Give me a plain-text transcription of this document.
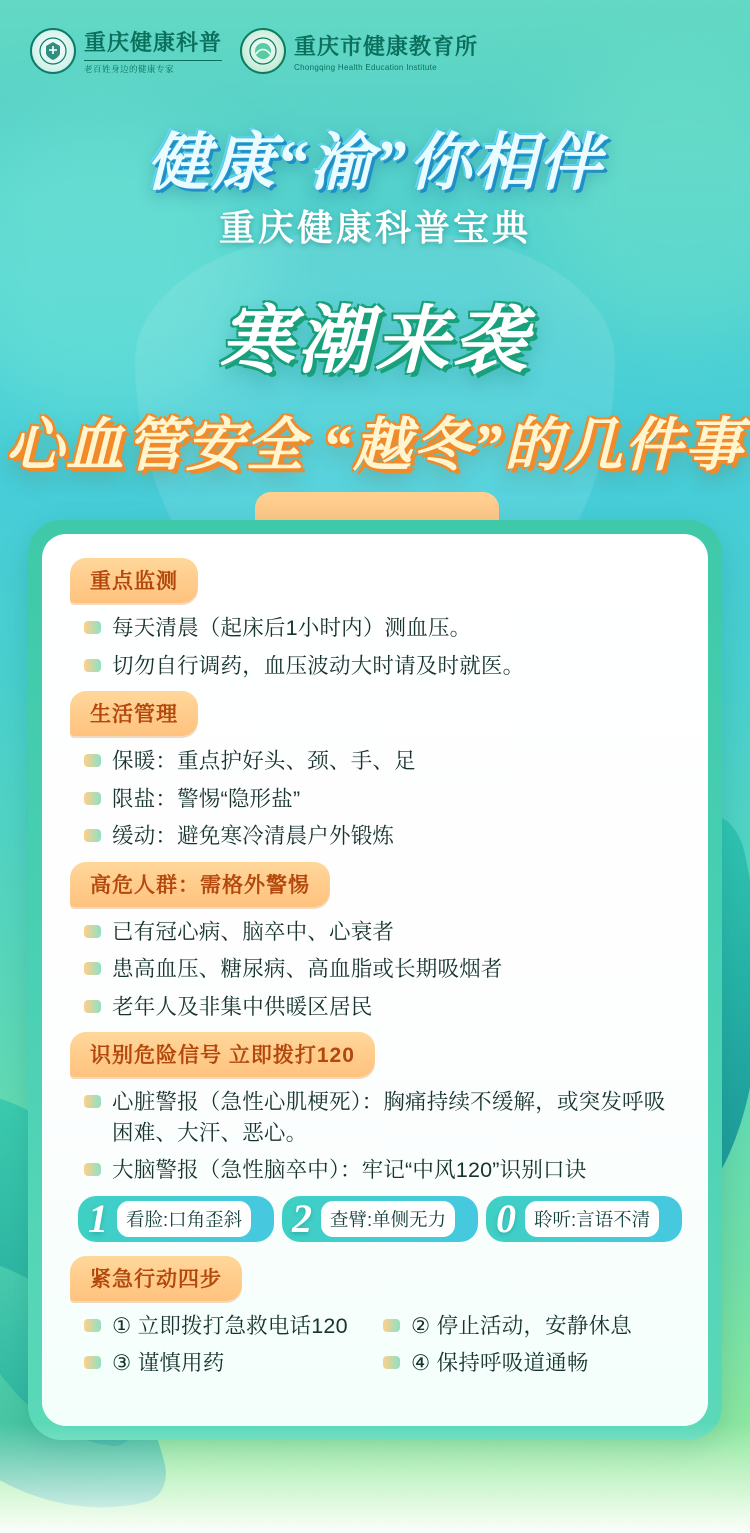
重庆健康科普
老百姓身边的健康专家
重庆市健康教育所
Chongqing Health Education Institute
健康“渝”你相伴
重庆健康科普宝典
寒潮来袭
心血管安全 “越冬”的几件事
重点监测
每天清晨（起床后1小时内）测血压。
切勿自行调药，血压波动大时请及时就医。
生活管理
保暖：重点护好头、颈、手、足
限盐：警惕“隐形盐”
缓动：避免寒冷清晨户外锻炼
高危人群：需格外警惕
已有冠心病、脑卒中、心衰者
患高血压、糖尿病、高血脂或长期吸烟者
老年人及非集中供暖区居民
识别危险信号 立即拨打120
心脏警报（急性心肌梗死）：胸痛持续不缓解，或突发呼吸困难、大汗、恶心。
大脑警报（急性脑卒中）：牢记“中风120”识别口诀
1 看脸:口角歪斜 2 查臂:单侧无力 0 聆听:言语不清
紧急行动四步
① 立即拨打急救电话120	② 停止活动，安静休息
③ 谨慎用药	④ 保持呼吸道通畅
